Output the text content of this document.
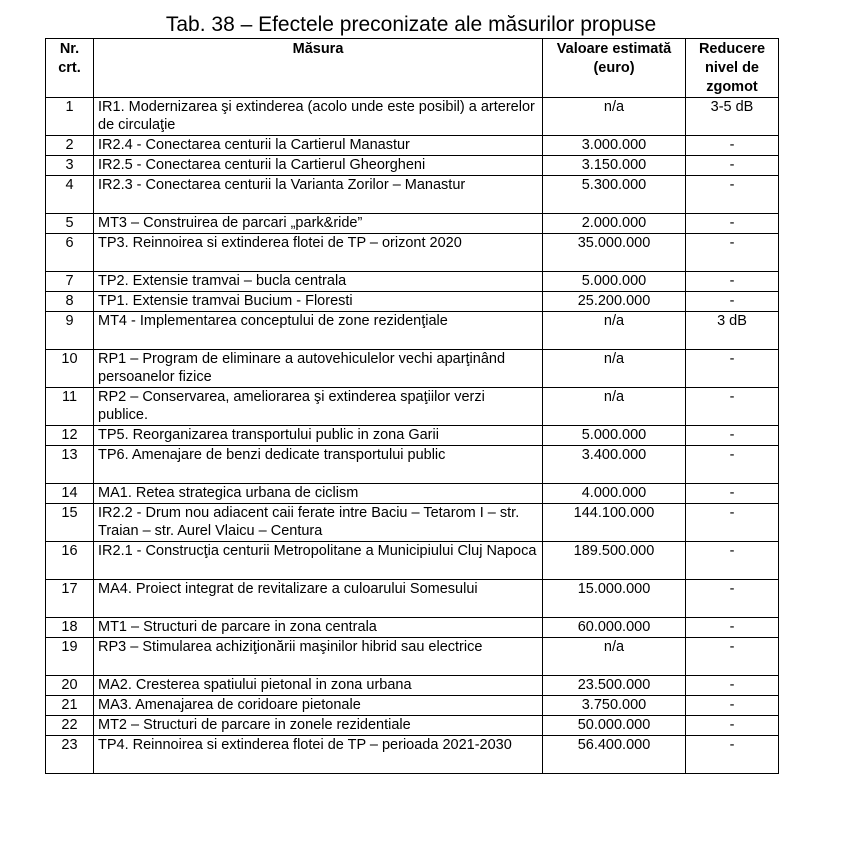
Tab. 38 – Efectele preconizate ale măsurilor propuse
Nr. crt.	Măsura	Valoare estimată (euro)	Reducere nivel de zgomot
1	IR1. Modernizarea şi extinderea (acolo unde este posibil) a arterelor de circulaţie	n/a	3-5 dB
2	IR2.4 - Conectarea centurii la Cartierul Manastur	3.000.000	-
3	IR2.5 - Conectarea centurii la Cartierul Gheorgheni	3.150.000	-
4	IR2.3 - Conectarea centurii la Varianta Zorilor – Manastur	5.300.000	-
5	MT3 – Construirea de parcari „park&ride”	2.000.000	-
6	TP3. Reinnoirea si extinderea flotei de TP – orizont 2020	35.000.000	-
7	TP2. Extensie tramvai – bucla centrala	5.000.000	-
8	TP1. Extensie tramvai Bucium - Floresti	25.200.000	-
9	MT4 - Implementarea conceptului de zone rezidenţiale	n/a	3 dB
10	RP1 – Program de eliminare a autovehiculelor vechi aparţinând persoanelor fizice	n/a	-
11	RP2 – Conservarea, ameliorarea şi extinderea spaţiilor verzi publice.	n/a	-
12	TP5. Reorganizarea transportului public in zona Garii	5.000.000	-
13	TP6. Amenajare de benzi dedicate transportului public	3.400.000	-
14	MA1. Retea strategica urbana de ciclism	4.000.000	-
15	IR2.2 - Drum nou adiacent caii ferate intre Baciu – Tetarom I – str. Traian – str. Aurel Vlaicu – Centura	144.100.000	-
16	IR2.1 - Construcţia centurii Metropolitane a Municipiului Cluj Napoca	189.500.000	-
17	MA4. Proiect integrat de revitalizare a culoarului Somesului	15.000.000	-
18	MT1 – Structuri de parcare in zona centrala	60.000.000	-
19	RP3 – Stimularea achiziţionării maşinilor hibrid sau electrice	n/a	-
20	MA2. Cresterea spatiului pietonal in zona urbana	23.500.000	-
21	MA3. Amenajarea de coridoare pietonale	3.750.000	-
22	MT2 – Structuri de parcare in zonele rezidentiale	50.000.000	-
23	TP4. Reinnoirea si extinderea flotei de TP – perioada 2021-2030	56.400.000	-
